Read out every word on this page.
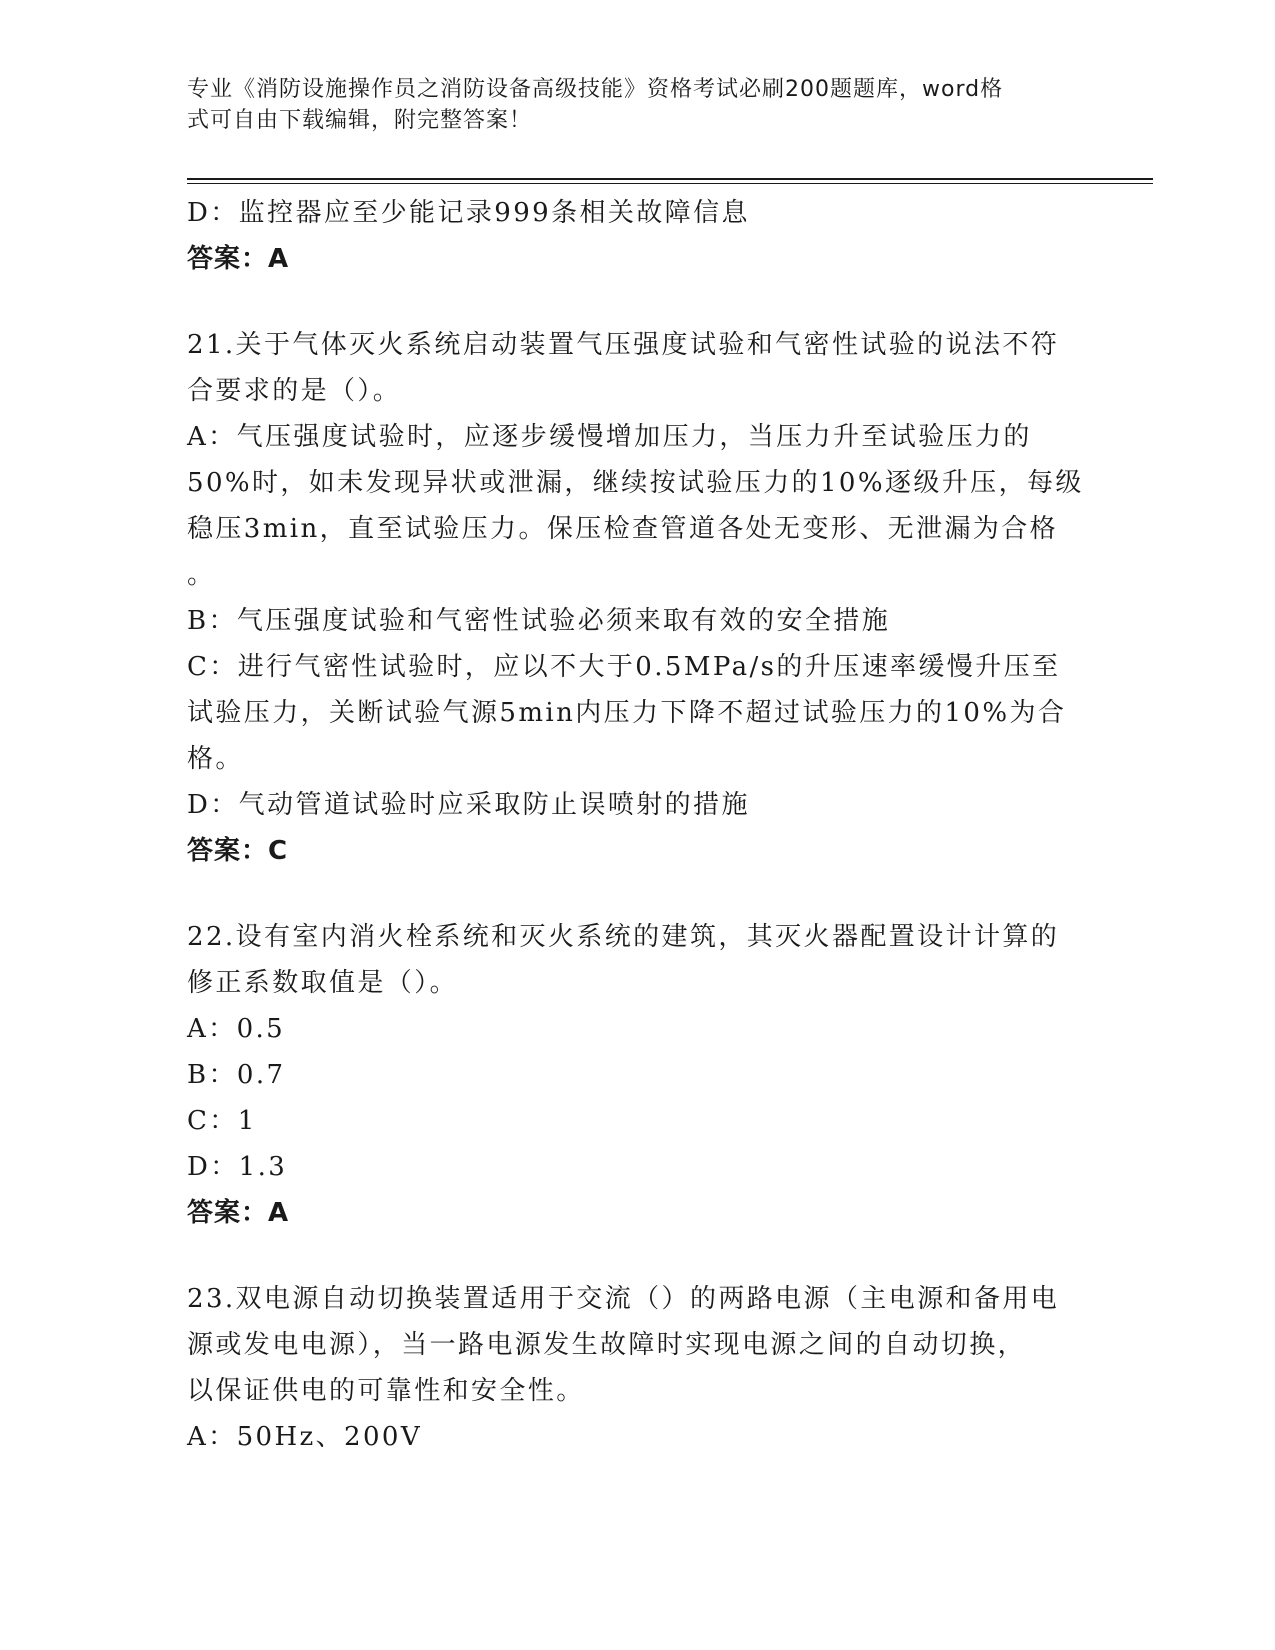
专业《消防设施操作员之消防设备高级技能》资格考试必刷200题题库，word格
式可自由下载编辑，附完整答案！
D：监控器应至少能记录999条相关故障信息
答案：A
21.关于气体灭火系统启动装置气压强度试验和气密性试验的说法不符
合要求的是（）。
A：气压强度试验时，应逐步缓慢增加压力，当压力升至试验压力的
50%时，如未发现异状或泄漏，继续按试验压力的10%逐级升压，每级
稳压3min，直至试验压力。保压检查管道各处无变形、无泄漏为合格
。
B：气压强度试验和气密性试验必须来取有效的安全措施
C：进行气密性试验时，应以不大于0.5MPa/s的升压速率缓慢升压至
试验压力，关断试验气源5min内压力下降不超过试验压力的10%为合
格。
D：气动管道试验时应采取防止误喷射的措施
答案：C
22.设有室内消火栓系统和灭火系统的建筑，其灭火器配置设计计算的
修正系数取值是（）。
A：0.5
B：0.7
C：1
D：1.3
答案：A
23.双电源自动切换装置适用于交流（）的两路电源（主电源和备用电
源或发电电源），当一路电源发生故障时实现电源之间的自动切换，
以保证供电的可靠性和安全性。
A：50Hz、200V
